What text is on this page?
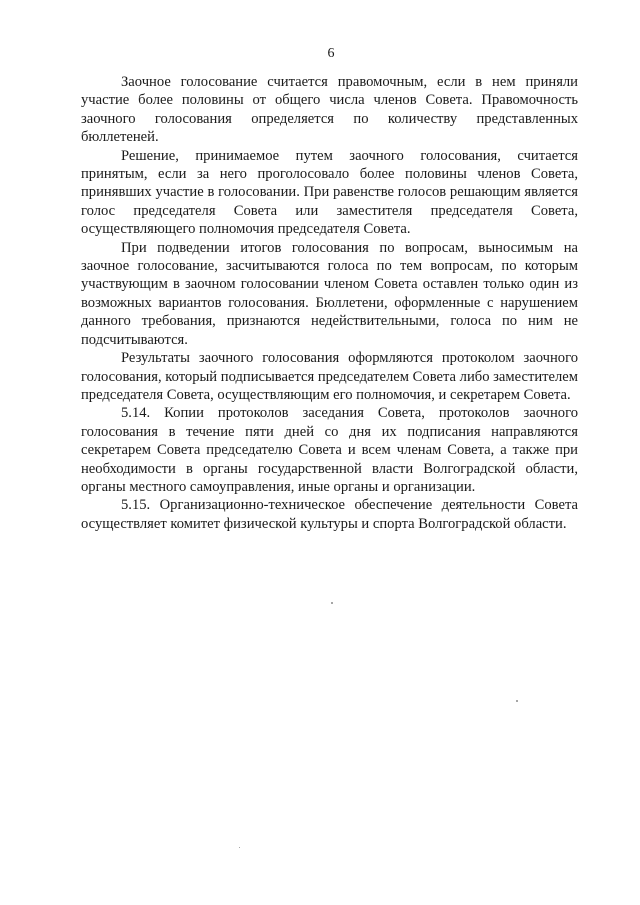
6

Заочное голосование считается правомочным, если в нем приняли участие более половины от общего числа членов Совета. Правомочность заочного голосования определяется по количеству представленных бюллетеней.

Решение, принимаемое путем заочного голосования, считается принятым, если за него проголосовало более половины членов Совета, принявших участие в голосовании. При равенстве голосов решающим является голос председателя Совета или заместителя председателя Совета, осуществляющего полномочия председателя Совета.

При подведении итогов голосования по вопросам, выносимым на заочное голосование, засчитываются голоса по тем вопросам, по которым участвующим в заочном голосовании членом Совета оставлен только один из возможных вариантов голосования. Бюллетени, оформленные с нарушением данного требования, признаются недействительными, голоса по ним не подсчитываются.

Результаты заочного голосования оформляются протоколом заочного голосования, который подписывается председателем Совета либо заместителем председателя Совета, осуществляющим его полномочия, и секретарем Совета.

5.14. Копии протоколов заседания Совета, протоколов заочного голосования в течение пяти дней со дня их подписания направляются секретарем Совета председателю Совета и всем членам Совета, а также при необходимости в органы государственной власти Волгоградской области, органы местного самоуправления, иные органы и организации.

5.15. Организационно-техническое обеспечение деятельности Совета осуществляет комитет физической культуры и спорта Волгоградской области.
